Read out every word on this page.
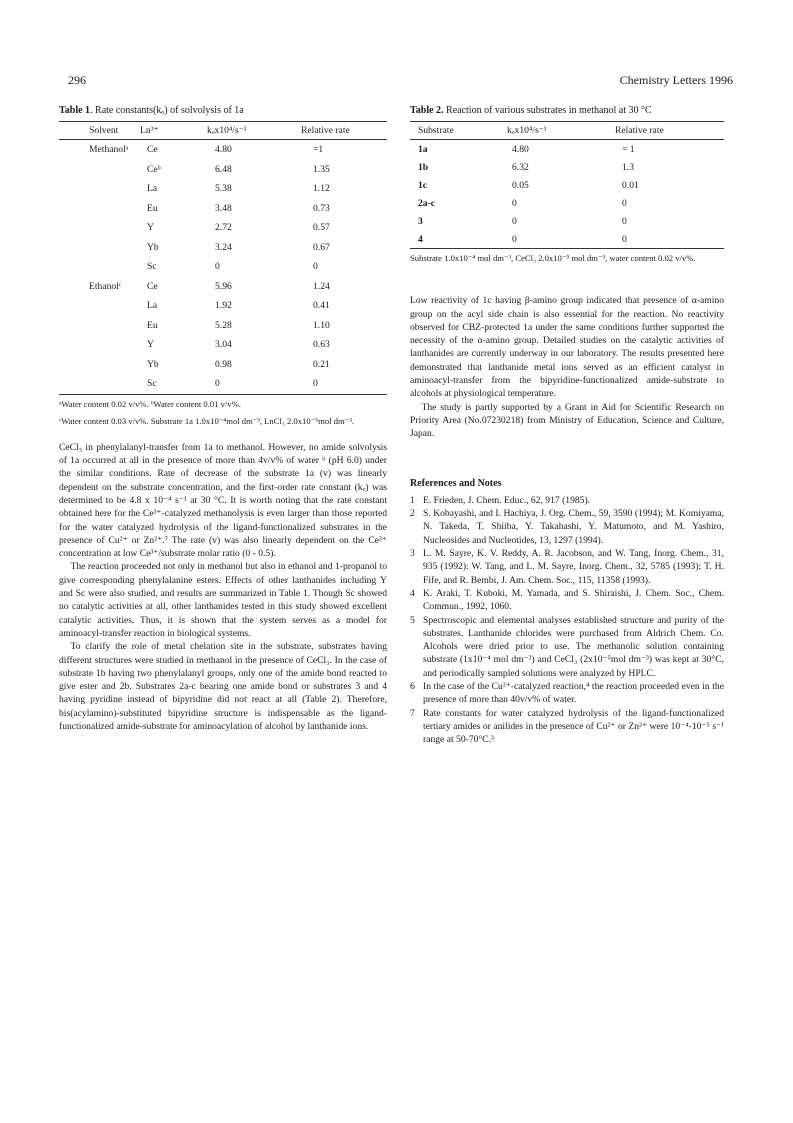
296	Chemistry Letters 1996
Table 1. Rate constants(kₒ) of solvolysis of 1a
Solvent	Ln³⁺	kₒx10⁴/s⁻¹	Relative rate
Methanolᵃ	Ce	4.80	=1
	Ceᵇ	6.48	1.35
	La	5.38	1.12
	Eu	3.48	0.73
	Y	2.72	0.57
	Yb	3.24	0.67
	Sc	0	0
Ethanolᶜ	Ce	5.96	1.24
	La	1.92	0.41
	Eu	5.28	1.10
	Y	3.04	0.63
	Yb	0.98	0.21
	Sc	0	0
ᵃWater content 0.02 v/v%. ᵇWater content 0.01 v/v%.
ᶜWater content 0.03 v/v%. Substrate 1a 1.0x10⁻⁴mol dm⁻³, LnCl₃ 2.0x10⁻⁵mol dm⁻³.

CeCl₃ in phenylalanyl-transfer from 1a to methanol. However, no amide solvolysis of 1a occurred at all in the presence of more than 4v/v% of water ⁶ (pH 6.0) under the similar conditions. Rate of decrease of the substrate 1a (v) was linearly dependent on the substrate concentration, and the first-order rate constant (kₒ) was determined to be 4.8 x 10⁻⁴ s⁻¹ at 30 °C. It is worth noting that the rate constant obtained here for the Ce³⁺-catalyzed methanolysis is even larger than those reported for the water catalyzed hydrolysis of the ligand-functionalized substrates in the presence of Cu²⁺ or Zn²⁺.⁷ The rate (v) was also linearly dependent on the Ce³⁺ concentration at low Ce³⁺/substrate molar ratio (0 - 0.5).

The reaction proceeded not only in methanol but also in ethanol and 1-propanol to give corresponding phenylalanine esters. Effects of other lanthanides including Y and Sc were also studied, and results are summarized in Table 1. Though Sc showed no catalytic activities at all, other lanthanides tested in this study showed excellent catalytic activities. Thus, it is shown that the system serves as a model for aminoacyl-transfer reaction in biological systems.

To clarify the role of metal chelation site in the substrate, substrates having different structures were studied in methanol in the presence of CeCl₃. In the case of substrate 1b having two phenylalanyl groups, only one of the amide bond reacted to give ester and 2b. Substrates 2a-c bearing one amide bond or substrates 3 and 4 having pyridine instead of bipyridine did not react at all (Table 2). Therefore, bis(acylamino)-substituted bipyridine structure is indispensable as the ligand-functionalized amide-substrate for aminoacylation of alcohol by lanthanide ions.

Table 2. Reaction of various substrates in methanol at 30 °C
Substrate	kₒx10⁴/s⁻¹	Relative rate
1a	4.80	= 1
1b	6.32	1.3
1c	0.05	0.01
2a-c	0	0
3	0	0
4	0	0
Substrate 1.0x10⁻⁴ mol dm⁻³, CeCl₃ 2.0x10⁻⁵ mol dm⁻³, water content 0.02 v/v%.

Low reactivity of 1c having β-amino group indicated that presence of α-amino group on the acyl side chain is also essential for the reaction. No reactivity observed for CBZ-protected 1a under the same conditions further supported the necessity of the α-amino group. Detailed studies on the catalytic activities of lanthanides are currently underway in our laboratory. The results presented here demonstrated that lanthanide metal ions served as an efficient catalyst in aminoacyl-transfer from the bipyridine-functionalized amide-substrate to alcohols at physiological temperature.

The study is partly supported by a Grant in Aid for Scientific Research on Priority Area (No.07230218) from Ministry of Education, Science and Culture, Japan.

References and Notes
1 E. Frieden, J. Chem. Educ., 62, 917 (1985).
2 S. Kobayashi, and I. Hachiya, J. Org. Chem., 59, 3590 (1994); M. Komiyama, N. Takeda, T. Shiiba, Y. Takahashi, Y. Matumoto, and M. Yashiro, Nucleosides and Nucleotides, 13, 1297 (1994).
3 L. M. Sayre, K. V. Reddy, A. R. Jacobson, and W. Tang, Inorg. Chem., 31, 935 (1992): W. Tang, and L. M. Sayre, Inorg. Chem., 32, 5785 (1993); T. H. Fife, and R. Bembi, J. Am. Chem. Soc., 115, 11358 (1993).
4 K. Araki, T. Kuboki, M. Yamada, and S. Shiraishi, J. Chem. Soc., Chem. Commun., 1992, 1060.
5 Spectroscopic and elemental analyses established structure and purity of the substrates. Lanthanide chlorides were purchased from Aldrich Chem. Co. Alcohols were dried prior to use. The methanolic solution containing substrate (1x10⁻⁴ mol dm⁻³) and CeCl₃ (2x10⁻⁵mol dm⁻³) was kept at 30°C, and periodically sampled solutions were analyzed by HPLC.
6 In the case of the Cu²⁺-catalyzed reaction,⁴ the reaction proceeded even in the presence of more than 40v/v% of water.
7 Rate constants for water catalyzed hydrolysis of the ligand-functionalized tertiary amides or anilides in the presence of Cu²⁺ or Zn²⁺ were 10⁻⁴-10⁻⁵ s⁻¹ range at 50-70°C.³
